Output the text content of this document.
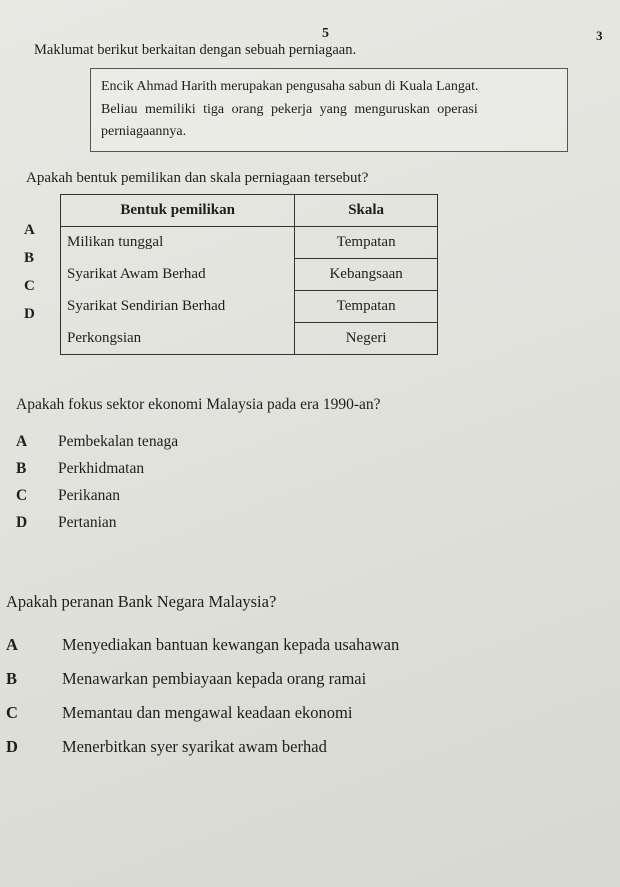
5	3
Maklumat berikut berkaitan dengan sebuah perniagaan.
Encik Ahmad Harith merupakan pengusaha sabun di Kuala Langat.
Beliau memiliki tiga orang pekerja yang menguruskan operasi
perniagaannya.
Apakah bentuk pemilikan dan skala perniagaan tersebut?
A
B
C
D
Bentuk pemilikan	Skala
Milikan tunggal	Tempatan
Syarikat Awam Berhad	Kebangsaan
Syarikat Sendirian Berhad	Tempatan
Perkongsian	Negeri
Apakah fokus sektor ekonomi Malaysia pada era 1990-an?
A Pembekalan tenaga
B Perkhidmatan
C Perikanan
D Pertanian
Apakah peranan Bank Negara Malaysia?
A	Menyediakan bantuan kewangan kepada usahawan
B	Menawarkan pembiayaan kepada orang ramai
C	Memantau dan mengawal keadaan ekonomi
D	Menerbitkan syer syarikat awam berhad
